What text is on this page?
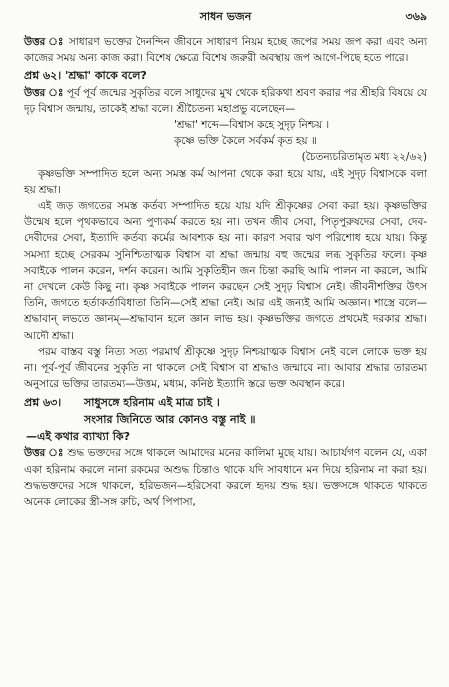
সাধন ভজন	৩৬৯

উত্তর ঃ সাধারণ ভক্তের দৈনন্দিন জীবনে সাধারণ নিয়ম হচ্ছে জপের সময় জপ করা এবং অন্য কাজের সময় অন্য কাজ করা। বিশেষ ক্ষেত্রে বিশেষ জরুরী অবস্থায় জপ আগে-পিছে হতে পারে।

প্রশ্ন ৬২। 'শ্রদ্ধা' কাকে বলে?

উত্তর ঃ পূর্ব পূর্ব জন্মের সুকৃতির বলে সাধুদের মুখ থেকে হরিকথা শ্রবণ করার পর শ্রীহরি বিষয়ে যে দৃঢ় বিশ্বাস জন্মায়, তাকেই শ্রদ্ধা বলে। শ্রীচৈতন্য মহাপ্রভু বলেছেন—

'শ্রদ্ধা' শব্দে—বিশ্বাস কহে সুদৃঢ় নিশ্চয় ।
কৃষ্ণে ভক্তি কৈলে সর্বকর্ম কৃত হয় ॥
(চৈতন্যচরিতামৃত মধ্য ২২/৬২)

কৃষ্ণভক্তি সম্পাদিত হলে অন্য সমস্ত কর্ম আপনা থেকে করা হয়ে যায়, এই সুদৃঢ় বিশ্বাসকে বলা হয় শ্রদ্ধা।

এই জড় জগতের সমস্ত কর্তব্য সম্পাদিত হয়ে যায় যদি শ্রীকৃষ্ণের সেবা করা হয়। কৃষ্ণভক্তির উন্মেষ হলে পৃথকভাবে অন্য পুণ্যকর্ম করতে হয় না। তখন জীব সেবা, পিতৃপুরুষদের সেবা, দেব-দেবীদের সেবা, ইত্যাদি কর্তব্য কর্মের আবশ্যক হয় না। কারণ সবার ঋণ পরিশোধ হয়ে যায়। কিন্তু সমস্যা হচ্ছে সেরকম সুনিশ্চিতাত্মক বিশ্বাস বা শ্রদ্ধা জন্মায় বহু জন্মের লব্ধ সুকৃতির ফলে। কৃষ্ণ সবাইকে পালন করেন, দর্শন করেন। আমি সুকৃতিহীন জন চিন্তা করছি আমি পালন না করলে, আমি না দেখলে কেউ কিছু না। কৃষ্ণ সবাইকে পালন করছেন সেই সুদৃঢ় বিশ্বাস নেই। জীবনীশক্তির উৎস তিনি, জগতে হর্তাকর্তাবিধাতা তিনি—সেই শ্রদ্ধা নেই। আর এই জন্যই আমি অজ্ঞান। শাস্ত্রে বলে—শ্রদ্ধাবান্ লভতে জ্ঞানম্—শ্রদ্ধাবান হলে জ্ঞান লাভ হয়। কৃষ্ণভক্তির জগতে প্রথমেই দরকার শ্রদ্ধা। আদৌ শ্রদ্ধা।

পরম বাস্তব বস্তু নিত্য সত্য পরমার্থ শ্রীকৃষ্ণে সুদৃঢ় নিশ্চয়াত্মক বিশ্বাস নেই বলে লোকে ভক্ত হয় না। পূর্ব-পূর্ব জীবনের সুকৃতি না থাকলে সেই বিশ্বাস বা শ্রদ্ধাও জন্মাবে না। আবার শ্রদ্ধার তারতম্য অনুসারে ভক্তির তারতম্য—উত্তম, মধ্যম, কনিষ্ঠ ইত্যাদি স্তরে ভক্ত অবস্থান করে।

প্রশ্ন ৬৩।	সাধুসঙ্গে হরিনাম এই মাত্র চাই ।
সংসার জিনিতে আর কোনও বস্তু নাই ॥
—এই কথার ব্যাখ্যা কি?

উত্তর ঃ শুদ্ধ ভক্তদের সঙ্গে থাকলে আমাদের মনের কালিমা মুছে যায়। আচার্যগণ বলেন যে, একা একা হরিনাম করলে নানা রকমের অশুদ্ধ চিন্তাও থাকে যদি সাবধানে মন দিয়ে হরিনাম না করা হয়। শুদ্ধভক্তদের সঙ্গে থাকলে, হরিভজন—হরিসেবা করলে হৃদয় শুদ্ধ হয়। ভক্তসঙ্গে থাকতে থাকতে অনেক লোকের স্ত্রী-সঙ্গ রুচি, অর্থ পিপাসা,
